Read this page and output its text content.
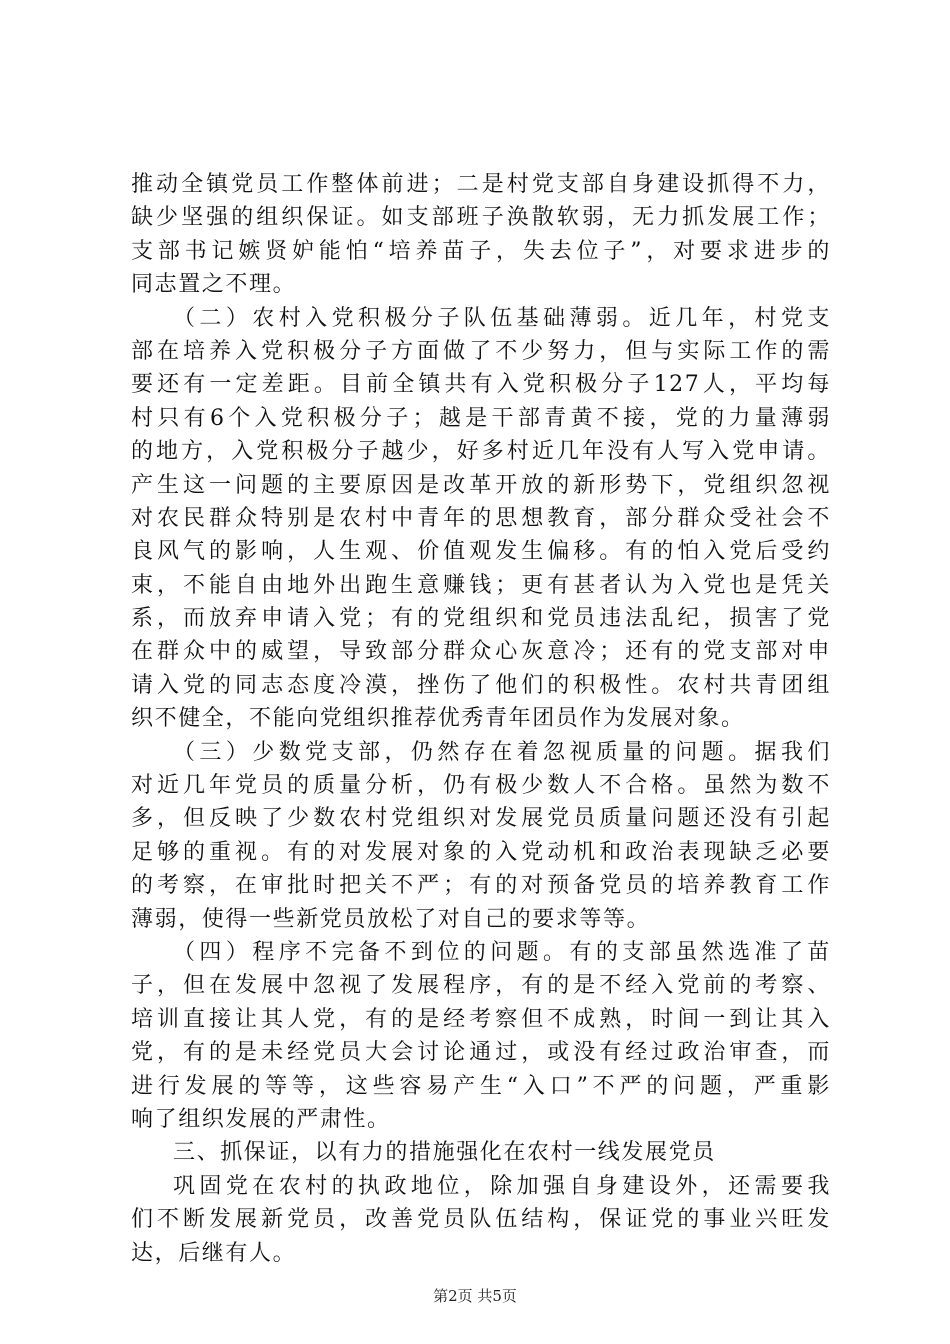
推动全镇党员工作整体前进；二是村党支部自身建设抓得不力，
缺少坚强的组织保证。如支部班子涣散软弱，无力抓发展工作；
支部书记嫉贤妒能怕“培养苗子，失去位子”，对要求进步的
同志置之不理。
（二）农村入党积极分子队伍基础薄弱。近几年，村党支
部在培养入党积极分子方面做了不少努力，但与实际工作的需
要还有一定差距。目前全镇共有入党积极分子127人，平均每
村只有6个入党积极分子；越是干部青黄不接，党的力量薄弱
的地方，入党积极分子越少，好多村近几年没有人写入党申请。
产生这一问题的主要原因是改革开放的新形势下，党组织忽视
对农民群众特别是农村中青年的思想教育，部分群众受社会不
良风气的影响，人生观、价值观发生偏移。有的怕入党后受约
束，不能自由地外出跑生意赚钱；更有甚者认为入党也是凭关
系，而放弃申请入党；有的党组织和党员违法乱纪，损害了党
在群众中的威望，导致部分群众心灰意冷；还有的党支部对申
请入党的同志态度冷漠，挫伤了他们的积极性。农村共青团组
织不健全，不能向党组织推荐优秀青年团员作为发展对象。
（三）少数党支部，仍然存在着忽视质量的问题。据我们
对近几年党员的质量分析，仍有极少数人不合格。虽然为数不
多，但反映了少数农村党组织对发展党员质量问题还没有引起
足够的重视。有的对发展对象的入党动机和政治表现缺乏必要
的考察，在审批时把关不严；有的对预备党员的培养教育工作
薄弱，使得一些新党员放松了对自己的要求等等。
（四）程序不完备不到位的问题。有的支部虽然选准了苗
子，但在发展中忽视了发展程序，有的是不经入党前的考察、
培训直接让其人党，有的是经考察但不成熟，时间一到让其入
党，有的是未经党员大会讨论通过，或没有经过政治审查，而
进行发展的等等，这些容易产生“入口”不严的问题，严重影
响了组织发展的严肃性。
三、抓保证，以有力的措施强化在农村一线发展党员
巩固党在农村的执政地位，除加强自身建设外，还需要我
们不断发展新党员，改善党员队伍结构，保证党的事业兴旺发
达，后继有人。
第2页 共5页
